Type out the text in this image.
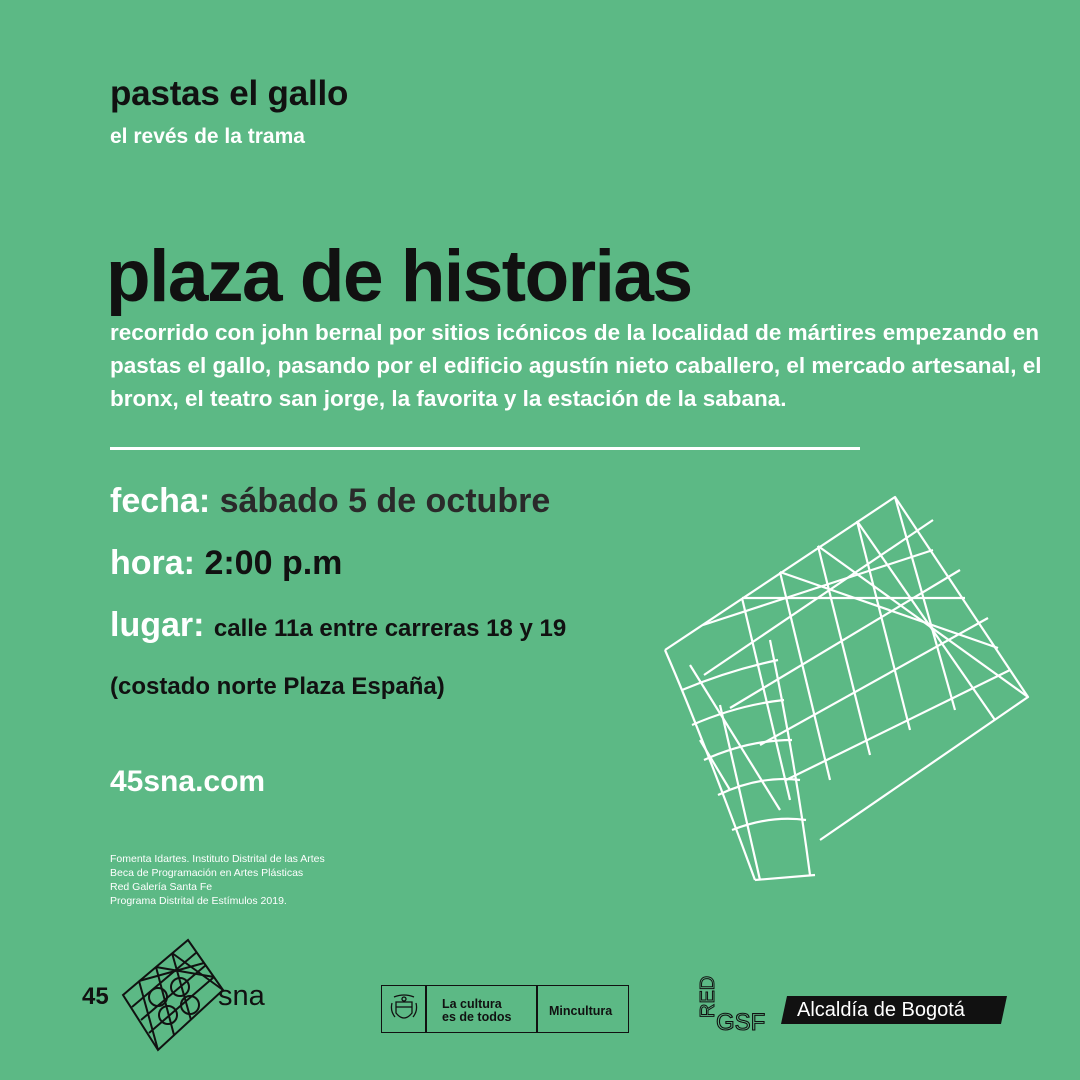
pastas el gallo
el revés de la trama
plaza de historias
recorrido con john bernal por sitios icónicos de la localidad de mártires empezando en pastas el gallo, pasando por el edificio agustín nieto caballero, el mercado artesanal, el bronx, el teatro san jorge, la favorita y la estación de la sabana.
fecha: sábado 5 de octubre
hora: 2:00 p.m
lugar: calle 11a entre carreras 18 y 19
(costado norte Plaza España)
45sna.com
Fomenta Idartes. Instituto Distrital de las Artes
Beca de Programación en Artes Plásticas
Red Galería Santa Fe
Programa Distrital de Estímulos 2019.
45	sna	La cultura
es de todos	Mincultura	RED
GSF Alcaldía de Bogotá
